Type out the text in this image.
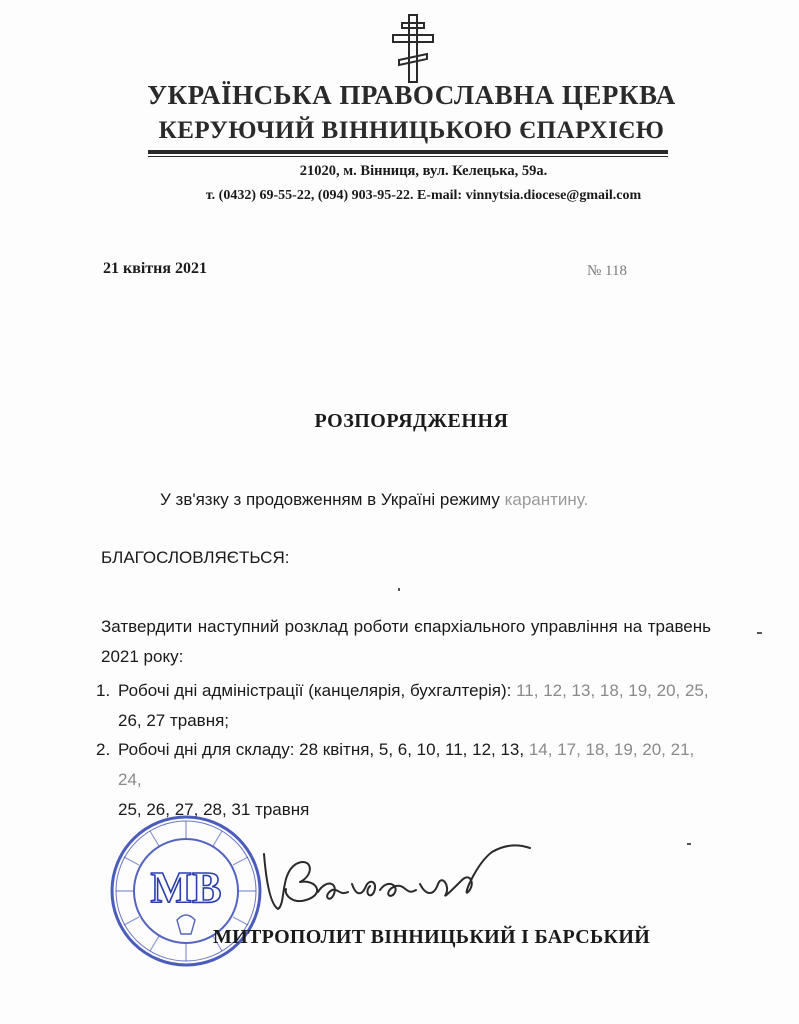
УКРАЇНСЬКА ПРАВОСЛАВНА ЦЕРКВА
КЕРУЮЧИЙ ВІННИЦЬКОЮ ЄПАРХІЄЮ
21020, м. Вінниця, вул. Келецька, 59а.
т. (0432) 69-55-22, (094) 903-95-22. E-mail: vinnytsia.diocese@gmail.com
21 квітня 2021	№ 118
РОЗПОРЯДЖЕННЯ
У зв'язку з продовженням в Україні режиму карантину.
БЛАГОСЛОВЛЯЄТЬСЯ:
Затвердити наступний розклад роботи єпархіального управління на травень
2021 року:
1. Робочі дні адміністрації (канцелярія, бухгалтерія): 11, 12, 13, 18, 19, 20, 25,
26, 27 травня;
2. Робочі дні для складу: 28 квітня, 5, 6, 10, 11, 12, 13, 14, 17, 18, 19, 20, 21, 24,
25, 26, 27, 28, 31 травня
МВ
МИТРОПОЛИТ ВІННИЦЬКИЙ І БАРСЬКИЙ
